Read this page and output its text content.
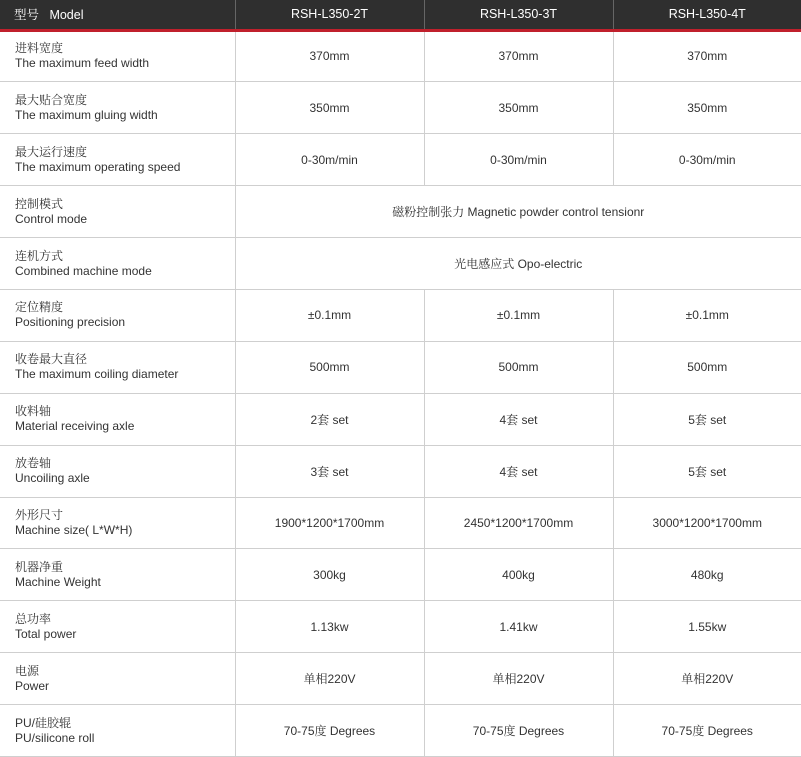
型号 Model	RSH-L350-2T	RSH-L350-3T	RSH-L350-4T

进料宽度
The maximum feed width	370mm	370mm	370mm

最大贴合宽度
The maximum gluing width	350mm	350mm	350mm

最大运行速度
The maximum operating speed	0-30m/min	0-30m/min	0-30m/min

控制模式
Control mode	磁粉控制张力 Magnetic powder control tensionr		

连机方式
Combined machine mode	光电感应式 Opo-electric		

定位精度
Positioning precision	±0.1mm	±0.1mm	±0.1mm

收卷最大直径
The maximum coiling diameter	500mm	500mm	500mm

收料轴
Material receiving axle	2套 set	4套 set	5套 set

放卷轴
Uncoiling axle	3套 set	4套 set	5套 set

外形尺寸
Machine size( L*W*H)	1900*1200*1700mm	2450*1200*1700mm	3000*1200*1700mm

机器净重
Machine Weight	300kg	400kg	480kg

总功率
Total power	1.13kw	1.41kw	1.55kw

电源
Power	单相220V	单相220V	单相220V

PU/硅胶辊
PU/silicone roll	70-75度 Degrees	70-75度 Degrees	70-75度 Degrees
